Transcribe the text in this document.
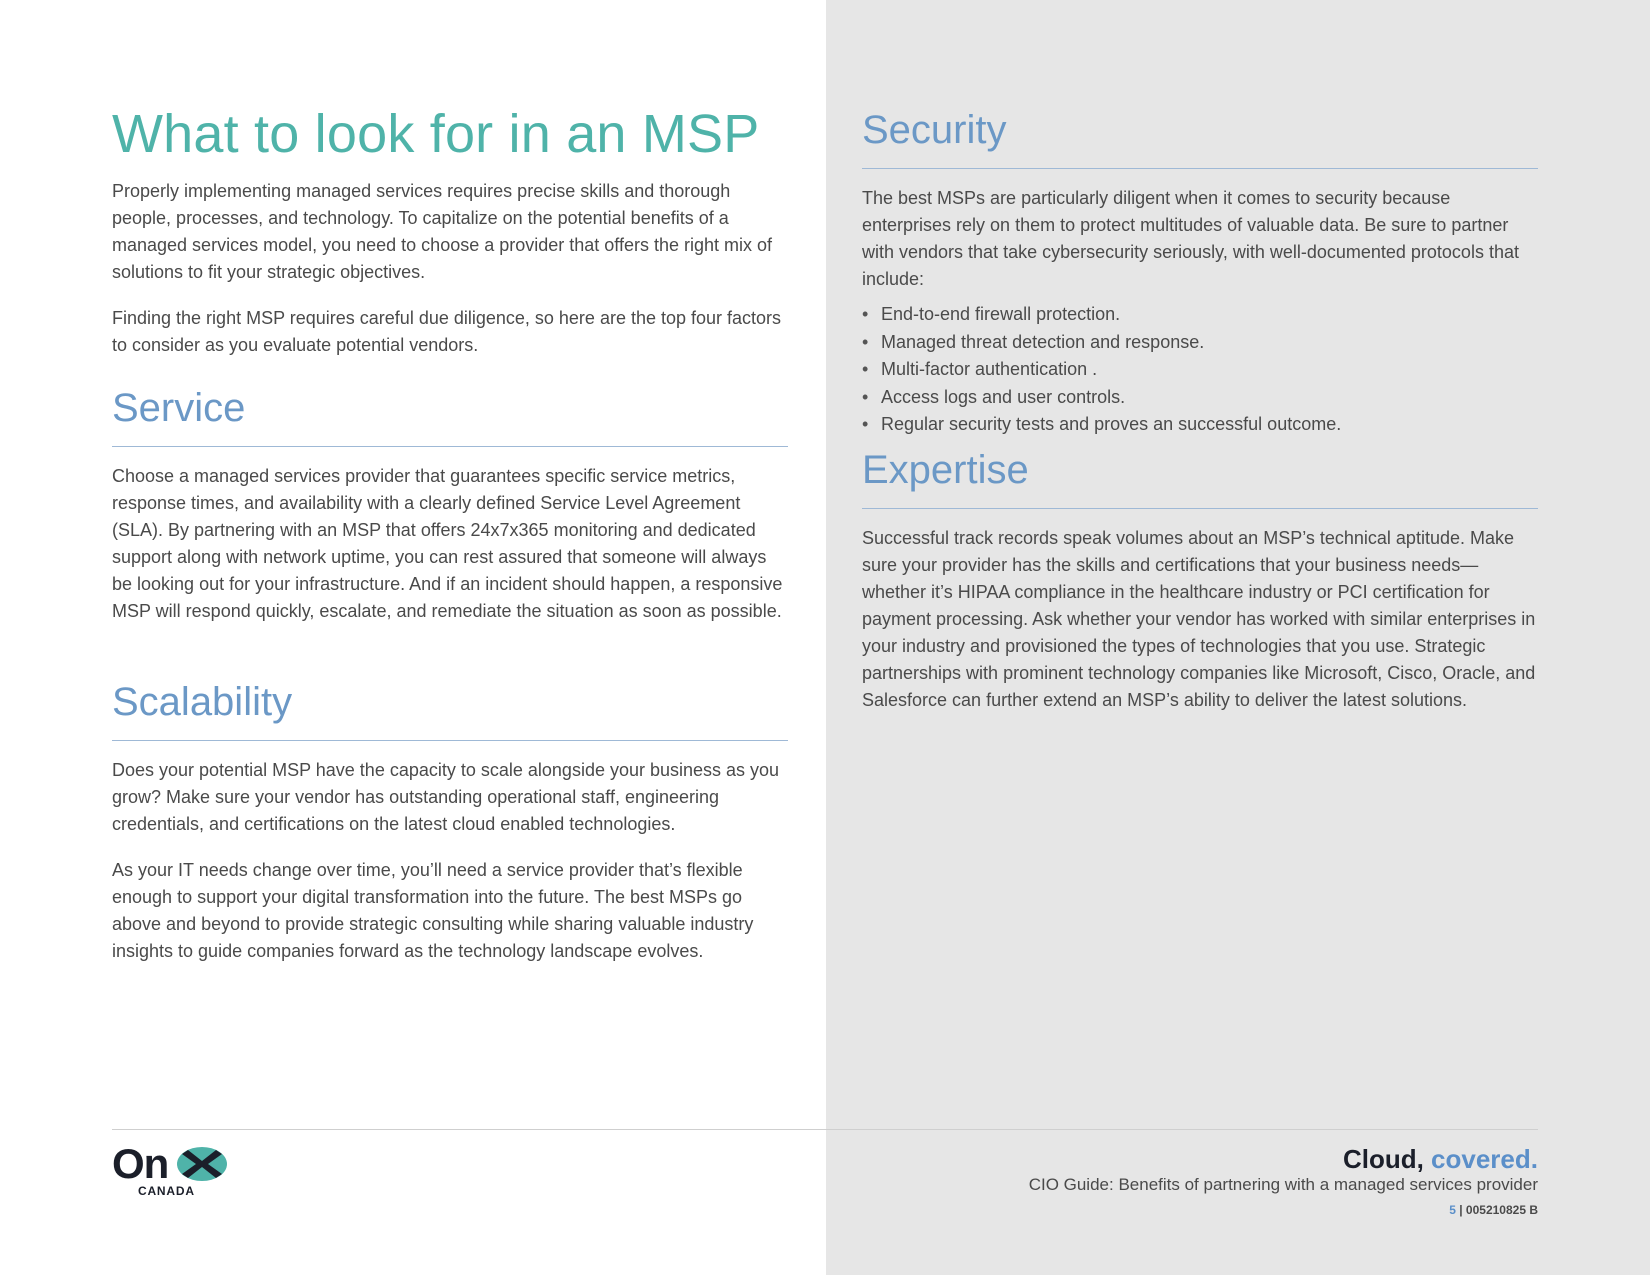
What to look for in an MSP

Properly implementing managed services requires precise skills and thorough people, processes, and technology. To capitalize on the potential benefits of a managed services model, you need to choose a provider that offers the right mix of solutions to fit your strategic objectives.

Finding the right MSP requires careful due diligence, so here are the top four factors to consider as you evaluate potential vendors.

Service

Choose a managed services provider that guarantees specific service metrics, response times, and availability with a clearly defined Service Level Agreement (SLA). By partnering with an MSP that offers 24x7x365 monitoring and dedicated support along with network uptime, you can rest assured that someone will always be looking out for your infrastructure. And if an incident should happen, a responsive MSP will respond quickly, escalate, and remediate the situation as soon as possible.

Scalability

Does your potential MSP have the capacity to scale alongside your business as you grow? Make sure your vendor has outstanding operational staff, engineering credentials, and certifications on the latest cloud enabled technologies.

As your IT needs change over time, you’ll need a service provider that’s flexible enough to support your digital transformation into the future. The best MSPs go above and beyond to provide strategic consulting while sharing valuable industry insights to guide companies forward as the technology landscape evolves.

Security

The best MSPs are particularly diligent when it comes to security because enterprises rely on them to protect multitudes of valuable data. Be sure to partner with vendors that take cybersecurity seriously, with well-documented protocols that include:

• End-to-end firewall protection.
• Managed threat detection and response.
• Multi-factor authentication .
• Access logs and user controls.
• Regular security tests and proves an successful outcome.
Expertise

Successful track records speak volumes about an MSP’s technical aptitude. Make sure your provider has the skills and certifications that your business needs—whether it’s HIPAA compliance in the healthcare industry or PCI certification for payment processing. Ask whether your vendor has worked with similar enterprises in your industry and provisioned the types of technologies that you use. Strategic partnerships with prominent technology companies like Microsoft, Cisco, Oracle, and Salesforce can further extend an MSP’s ability to deliver the latest solutions.

On
CANADA
Cloud, covered.
CIO Guide: Benefits of partnering with a managed services provider
5 | 005210825 B
